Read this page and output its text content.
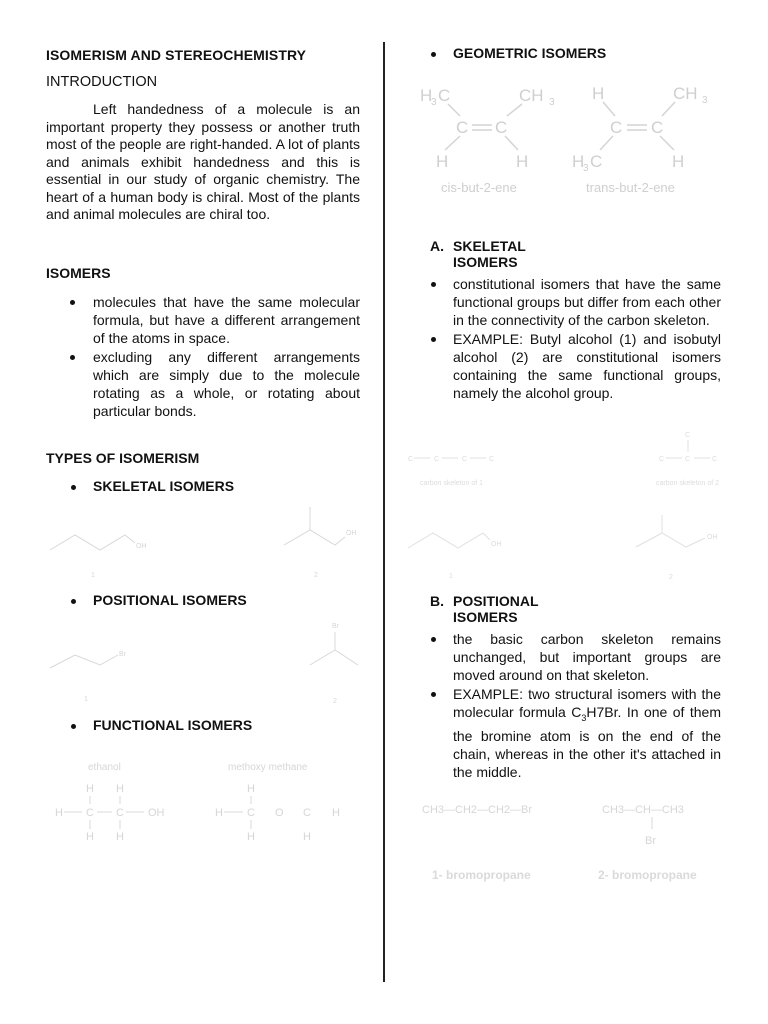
ISOMERISM AND STEREOCHEMISTRY
INTRODUCTION

Left handedness of a molecule is an important property they possess or another truth most of the people are right-handed. A lot of plants and animals exhibit handedness and this is essential in our study of organic chemistry. The heart of a human body is chiral. Most of the plants and animal molecules are chiral too.

ISOMERS
molecules that have the same molecular formula, but have a different arrangement of the atoms in space.
excluding any different arrangements which are simply due to the molecule rotating as a whole, or rotating about particular bonds.
TYPES OF ISOMERISM
SKELETAL ISOMERS
OH
1
OH
2
Br
1
Br
2
ethanol	methoxy methane
H H
H C C OH
H H
H
H C O C H
H	H
H C	CH
C C
H	H
H	CH
C C
H C	H
3	3
3
3
cis-but-2-ene	trans-but-2-ene
C	C	C	C	C	C	C
C
carbon skeleton of 1	carbon skeleton of 2
OH
1
OH
2
CH3—CH2—CH2—Br	CH3—CH—CH3
Br
1- bromopropane	2- bromopropane
POSITIONAL ISOMERS
FUNCTIONAL ISOMERS
GEOMETRIC ISOMERS
A. SKELETAL ISOMERS
constitutional isomers that have the same functional groups but differ from each other in the connectivity of the carbon skeleton.
EXAMPLE: Butyl alcohol (1) and isobutyl alcohol (2) are constitutional isomers containing the same functional groups, namely the alcohol group.
B. POSITIONAL ISOMERS
the basic carbon skeleton remains unchanged, but important groups are moved around on that skeleton.
EXAMPLE: two structural isomers with the molecular formula $C_3H7Br$. In one of them the bromine atom is on the end of the chain, whereas in the other it's attached in the middle.
